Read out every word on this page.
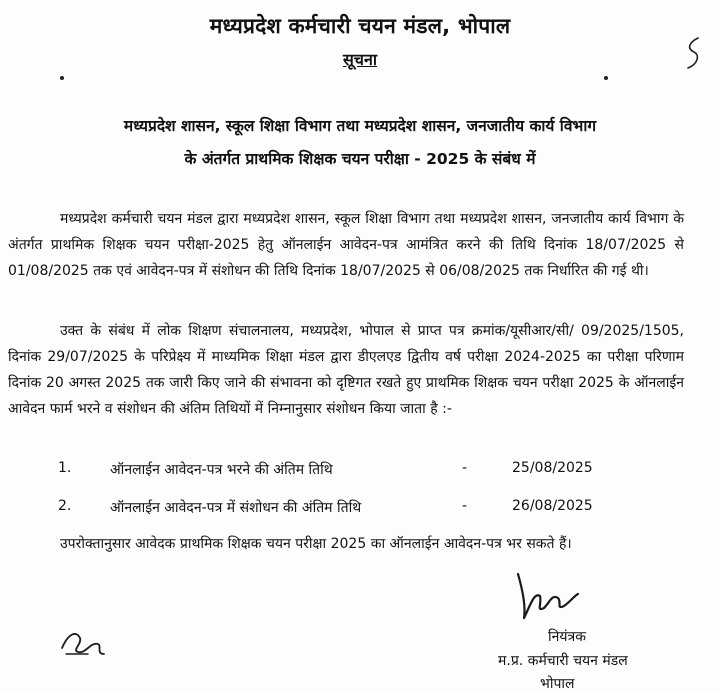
मध्यप्रदेश कर्मचारी चयन मंडल, भोपाल
सूचना
मध्यप्रदेश शासन, स्कूल शिक्षा विभाग तथा मध्यप्रदेश शासन, जनजातीय कार्य विभाग
के अंतर्गत प्राथमिक शिक्षक चयन परीक्षा - 2025 के संबंध में
मध्यप्रदेश कर्मचारी चयन मंडल द्वारा मध्यप्रदेश शासन, स्कूल शिक्षा विभाग तथा मध्यप्रदेश शासन, जनजातीय कार्य विभाग के अंतर्गत प्राथमिक शिक्षक चयन परीक्षा-2025 हेतु ऑनलाईन आवेदन-पत्र आमंत्रित करने की तिथि दिनांक 18/07/2025 से 01/08/2025 तक एवं आवेदन-पत्र में संशोधन की तिथि दिनांक 18/07/2025 से 06/08/2025 तक निर्धारित की गई थी।
उक्त के संबंध में लोक शिक्षण संचालनालय, मध्यप्रदेश, भोपाल से प्राप्त पत्र क्रमांक/यूसीआर/सी/ 09/2025/1505, दिनांक 29/07/2025 के परिप्रेक्ष्य में माध्यमिक शिक्षा मंडल द्वारा डीएलएड द्वितीय वर्ष परीक्षा 2024-2025 का परीक्षा परिणाम दिनांक 20 अगस्त 2025 तक जारी किए जाने की संभावना को दृष्टिगत रखते हुए प्राथमिक शिक्षक चयन परीक्षा 2025 के ऑनलाईन आवेदन फार्म भरने व संशोधन की अंतिम तिथियों में निम्नानुसार संशोधन किया जाता है :-
1.	ऑनलाईन आवेदन-पत्र भरने की अंतिम तिथि	-	25/08/2025
2.	ऑनलाईन आवेदन-पत्र में संशोधन की अंतिम तिथि	-	26/08/2025
उपरोक्तानुसार आवेदक प्राथमिक शिक्षक चयन परीक्षा 2025 का ऑनलाईन आवेदन-पत्र भर सकते हैं।
नियंत्रक
म.प्र. कर्मचारी चयन मंडल
भोपाल
